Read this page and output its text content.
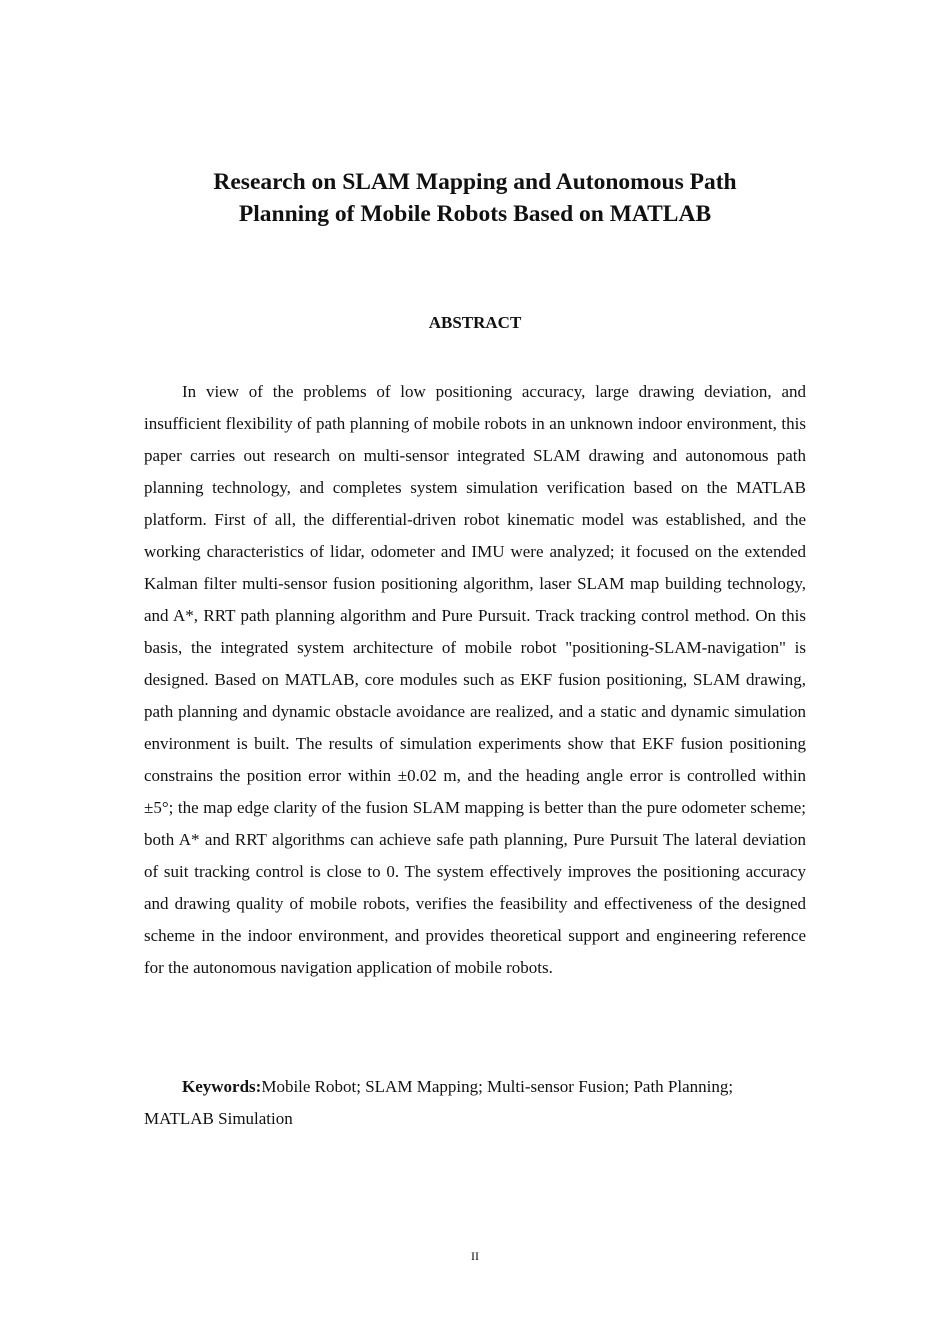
Research on SLAM Mapping and Autonomous Path
Planning of Mobile Robots Based on MATLAB
ABSTRACT

In view of the problems of low positioning accuracy, large drawing deviation, and insufficient flexibility of path planning of mobile robots in an unknown indoor environment, this paper carries out research on multi-sensor integrated SLAM drawing and autonomous path planning technology, and completes system simulation verification based on the MATLAB platform. First of all, the differential-driven robot kinematic model was established, and the working characteristics of lidar, odometer and IMU were analyzed; it focused on the extended Kalman filter multi-sensor fusion positioning algorithm, laser SLAM map building technology, and A*, RRT path planning algorithm and Pure Pursuit. Track tracking control method. On this basis, the integrated system architecture of mobile robot "positioning-SLAM-navigation" is designed. Based on MATLAB, core modules such as EKF fusion positioning, SLAM drawing, path planning and dynamic obstacle avoidance are realized, and a static and dynamic simulation environment is built. The results of simulation experiments show that EKF fusion positioning constrains the position error within ±0.02 m, and the heading angle error is controlled within ±5°; the map edge clarity of the fusion SLAM mapping is better than the pure odometer scheme; both A* and RRT algorithms can achieve safe path planning, Pure Pursuit The lateral deviation of suit tracking control is close to 0. The system effectively improves the positioning accuracy and drawing quality of mobile robots, verifies the feasibility and effectiveness of the designed scheme in the indoor environment, and provides theoretical support and engineering reference for the autonomous navigation application of mobile robots.

Keywords:Mobile Robot; SLAM Mapping; Multi-sensor Fusion; Path Planning; MATLAB Simulation

II
